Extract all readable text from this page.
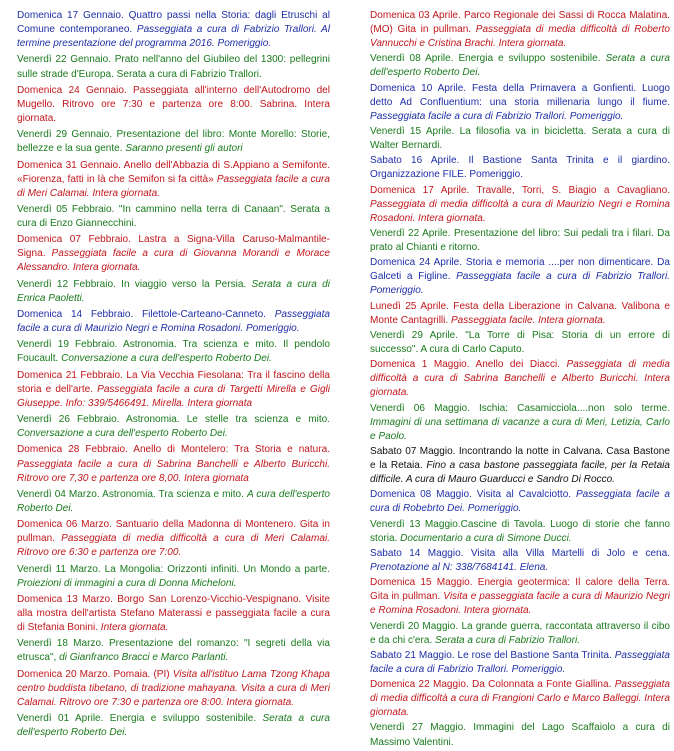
Domenica 17 Gennaio. Quattro passi nella Storia: dagli Etruschi al Comune contemporaneo. Passeggiata a cura di Fabrizio Trallori. Al termine presentazione del programma 2016. Pomeriggio.

Venerdì 22 Gennaio. Prato nell'anno del Giubileo del 1300: pellegrini sulle strade d'Europa. Serata a cura di Fabrizio Trallori.

Domenica 24 Gennaio. Passeggiata all'interno dell'Autodromo del Mugello. Ritrovo ore 7:30 e partenza ore 8:00. Sabrina. Intera giornata.

Venerdì 29 Gennaio. Presentazione del libro: Monte Morello: Storie, bellezze e la sua gente. Saranno presenti gli autori

Domenica 31 Gennaio. Anello dell'Abbazia di S.Appiano a Semifonte. «Fiorenza, fatti in là che Semifon si fa città» Passeggiata facile a cura di Meri Calamai. Intera giornata.

Venerdì 05 Febbraio. "In cammino nella terra di Canaan". Serata a cura di Enzo Giannecchini.

Domenica 07 Febbraio. Lastra a Signa-Villa Caruso-Malmantile-Signa. Passeggiata facile a cura di Giovanna Morandi e Morace Alessandro. Intera giornata.

Venerdì 12 Febbraio. In viaggio verso la Persia. Serata a cura di Enrica Paoletti.

Domenica 14 Febbraio. Filettole-Carteano-Canneto. Passeggiata facile a cura di Maurizio Negri e Romina Rosadoni. Pomeriggio.

Venerdì 19 Febbraio. Astronomia. Tra scienza e mito. Il pendolo Foucault. Conversazione a cura dell'esperto Roberto Dei.

Domenica 21 Febbraio. La Via Vecchia Fiesolana: Tra il fascino della storia e dell'arte. Passeggiata facile a cura di Targetti Mirella e Gigli Giuseppe. Info: 339/5466491. Mirella. Intera giornata

Venerdì 26 Febbraio. Astronomia. Le stelle tra scienza e mito. Conversazione a cura dell'esperto Roberto Dei.

Domenica 28 Febbraio. Anello di Montelero: Tra Storia e natura. Passeggiata facile a cura di Sabrina Banchelli e Alberto Buricchi. Ritrovo ore 7,30 e partenza ore 8,00. Intera giornata

Venerdì 04 Marzo. Astronomia. Tra scienza e mito. A cura dell'esperto Roberto Dei.

Domenica 06 Marzo. Santuario della Madonna di Montenero. Gita in pullman. Passeggiata di media difficoltà a cura di Meri Calamai. Ritrovo ore 6:30 e partenza ore 7:00.

Venerdì 11 Marzo. La Mongolia: Orizzonti infiniti. Un Mondo a parte. Proiezioni di immagini a cura di Donna Micheloni.

Domenica 13 Marzo. Borgo San Lorenzo-Vicchio-Vespignano. Visite alla mostra dell'artista Stefano Materassi e passeggiata facile a cura di Stefania Bonini. Intera giornata.

Venerdì 18 Marzo. Presentazione del romanzo: "I segreti della via etrusca", di Gianfranco Bracci e Marco Parlanti.

Domenica 20 Marzo. Pomaia. (PI) Visita all'istituo Lama Tzong Khapa centro buddista tibetano, di tradizione mahayana. Visita a cura di Meri Calamai. Ritrovo ore 7:30 e partenza ore 8:00. Intera giornata.

Venerdì 01 Aprile. Energia e sviluppo sostenibile. Serata a cura dell'esperto Roberto Dei.

Domenica 03 Aprile. Parco Regionale dei Sassi di Rocca Malatina. (MO) Gita in pullman. Passeggiata di media difficoltà di Roberto Vannucchi e Cristina Brachi. Intera giornata.

Venerdì 08 Aprile. Energia e sviluppo sostenibile. Serata a cura dell'esperto Roberto Dei.

Domenica 10 Aprile. Festa della Primavera a Gonfienti. Luogo detto Ad Confluentium: una storia millenaria lungo il fiume. Passeggiata facile a cura di Fabrizio Trallori. Pomeriggio.

Venerdì 15 Aprile. La filosofia va in bicicletta. Serata a cura di Walter Bernardi.

Sabato 16 Aprile. Il Bastione Santa Trinita e il giardino. Organizzazione FILE. Pomeriggio.

Domenica 17 Aprile. Travalle, Torri, S. Biagio a Cavagliano. Passeggiata di media difficoltà a cura di Maurizio Negri e Romina Rosadoni. Intera giornata.

Venerdì 22 Aprile. Presentazione del libro: Sui pedali tra i filari. Da prato al Chianti e ritorno.

Domenica 24 Aprile. Storia e memoria ....per non dimenticare. Da Galceti a Figline. Passeggiata facile a cura di Fabrizio Trallori. Pomeriggio.

Lunedì 25 Aprile. Festa della Liberazione in Calvana. Valibona e Monte Cantagrilli. Passeggiata facile. Intera giornata.

Venerdì 29 Aprile. "La Torre di Pisa: Storia di un errore di successo". A cura di Carlo Caputo.

Domenica 1 Maggio. Anello dei Diacci. Passeggiata di media difficoltà a cura di Sabrina Banchelli e Alberto Buricchi. Intera giornata.

Venerdì 06 Maggio. Ischia: Casamicciola....non solo terme. Immagini di una settimana di vacanze a cura di Meri, Letizia, Carlo e Paolo.

Sabato 07 Maggio. Incontrando la notte in Calvana. Casa Bastone e la Retaia. Fino a casa bastone passeggiata facile, per la Retaia difficile. A cura di Mauro Guarducci e Sandro Di Rocco.

Domenica 08 Maggio. Visita al Cavalciotto. Passeggiata facile a cura di Robebrto Dei. Pomeriggio.

Venerdì 13 Maggio.Cascine di Tavola. Luogo di storie che fanno storia. Documentario a cura di Simone Ducci.

Sabato 14 Maggio. Visita alla Villa Martelli di Jolo e cena. Prenotazione al N: 338/7684141. Elena.

Domenica 15 Maggio. Energia geotermica: Il calore della Terra. Gita in pullman. Visita e passeggiata facile a cura di Maurizio Negri e Romina Rosadoni. Intera giornata.

Venerdì 20 Maggio. La grande guerra, raccontata attraverso il cibo e da chi c'era. Serata a cura di Fabrizio Trallori.

Sabato 21 Maggio. Le rose del Bastione Santa Trinita. Passeggiata facile a cura di Fabrizio Trallori. Pomeriggio.

Domenica 22 Maggio. Da Colonnata a Fonte Giallina. Passeggiata di media difficoltà a cura di Frangioni Carlo e Marco Balleggi. Intera giornata.

Venerdì 27 Maggio. Immagini del Lago Scaffaiolo a cura di Massimo Valentini.
